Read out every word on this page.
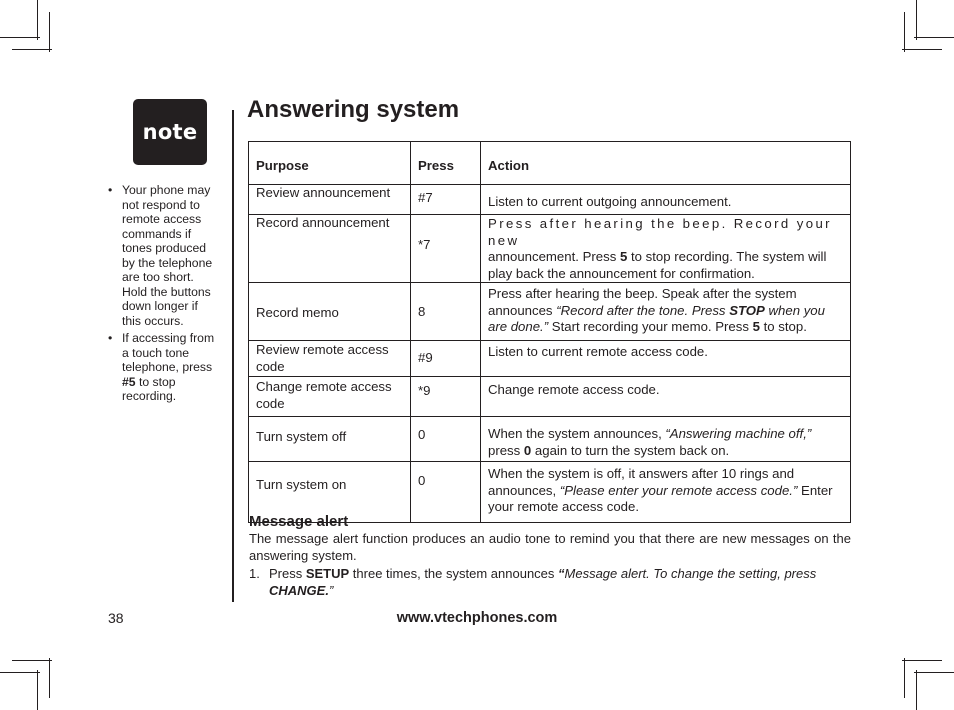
note
• Your phone may not respond to remote access commands if tones produced by the telephone are too short. Hold the buttons down longer if this occurs.
• If accessing from a touch tone telephone, press #5 to stop recording.
Answering system
Purpose	Press	Action
Review announcement	#7	Listen to current outgoing announcement.
Record announcement	*7	Press after hearing the beep. Record your new
announcement. Press 5 to stop recording. The system will play back the announcement for confirmation.
Record memo	8	Press after hearing the beep. Speak after the system announces “Record after the tone. Press STOP when you are done.” Start recording your memo. Press 5 to stop.
Review remote access code	#9	Listen to current remote access code.
Change remote access code	*9	Change remote access code.
Turn system off	0	When the system announces, “Answering machine off,” press 0 again to turn the system back on.
Turn system on	0	When the system is off, it answers after 10 rings and announces, “Please enter your remote access code.” Enter your remote access code.
Message alert

The message alert function produces an audio tone to remind you that there are new messages on the answering system.

1. Press SETUP three times, the system announces “Message alert. To change the setting, press CHANGE.”

38	www.vtechphones.com
